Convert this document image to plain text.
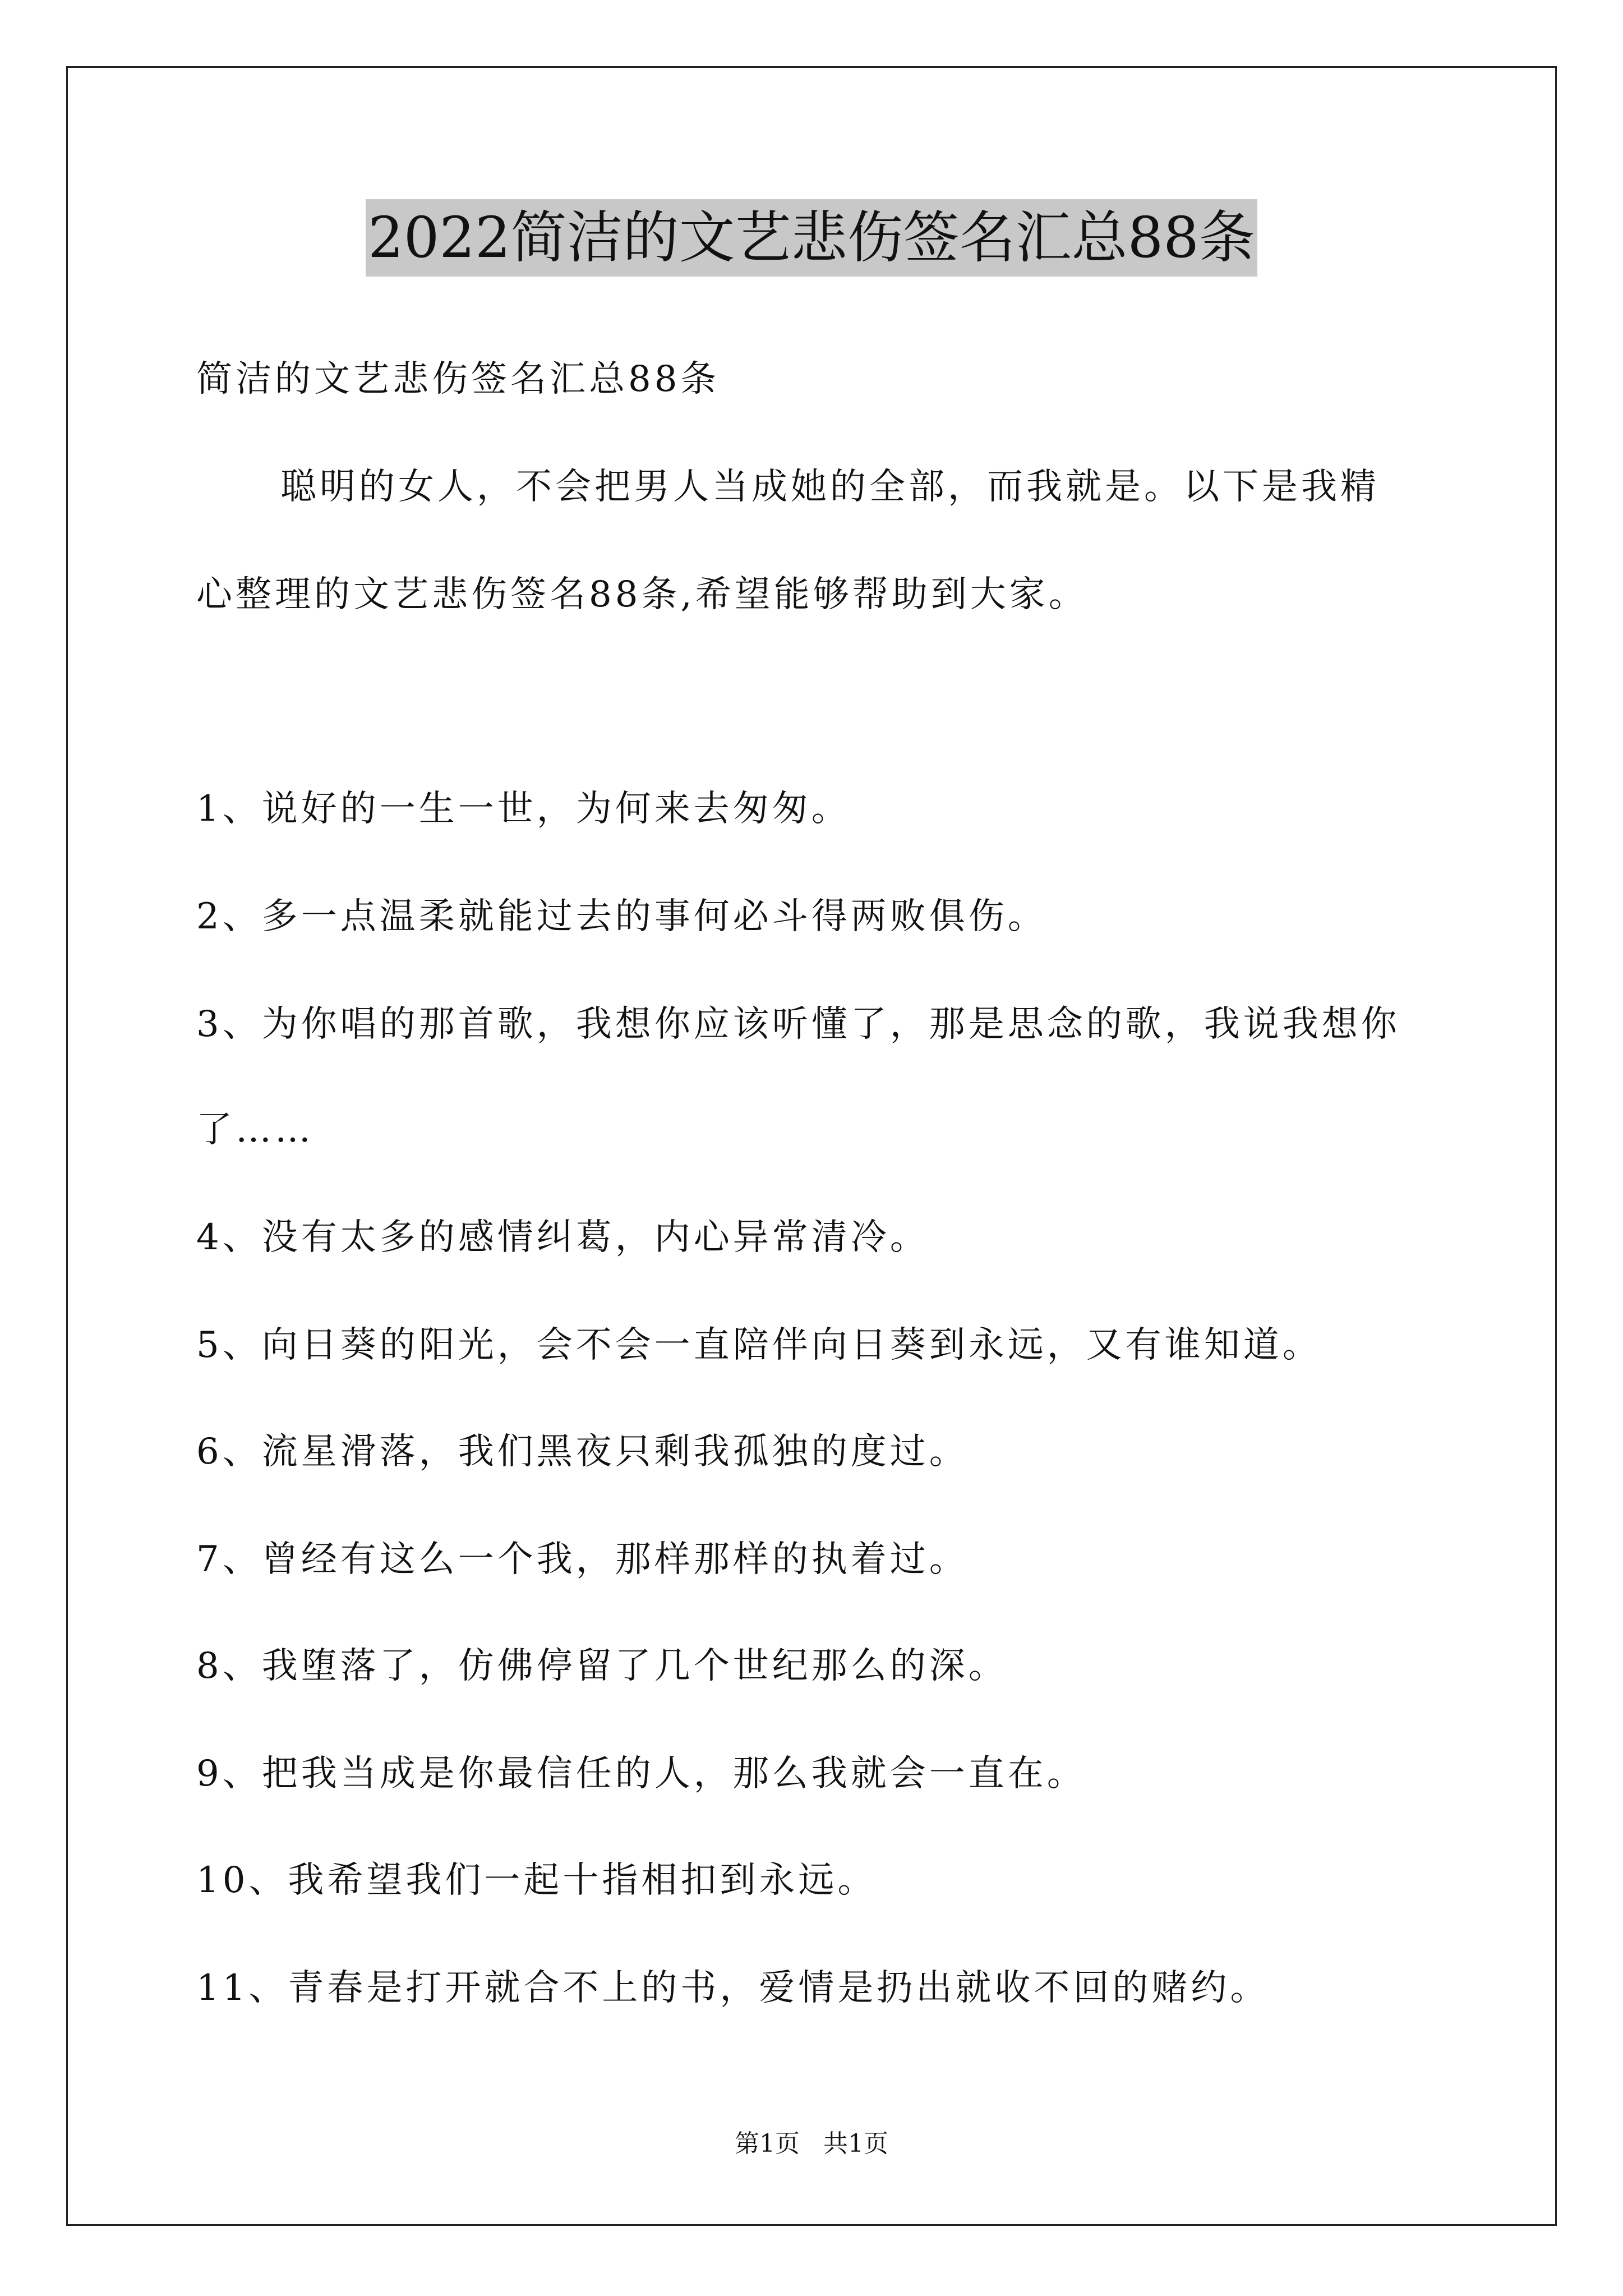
2022简洁的文艺悲伤签名汇总88条
简洁的文艺悲伤签名汇总88条
聪明的女人，不会把男人当成她的全部，而我就是。以下是我精
心整理的文艺悲伤签名88条,希望能够帮助到大家。
1、说好的一生一世，为何来去匆匆。
2、多一点温柔就能过去的事何必斗得两败俱伤。
3、为你唱的那首歌，我想你应该听懂了，那是思念的歌，我说我想你
了……
4、没有太多的感情纠葛，内心异常清冷。
5、向日葵的阳光，会不会一直陪伴向日葵到永远，又有谁知道。
6、流星滑落，我们黑夜只剩我孤独的度过。
7、曾经有这么一个我，那样那样的执着过。
8、我堕落了，仿佛停留了几个世纪那么的深。
9、把我当成是你最信任的人，那么我就会一直在。
10、我希望我们一起十指相扣到永远。
11、青春是打开就合不上的书，爱情是扔出就收不回的赌约。
第1页   共1页
